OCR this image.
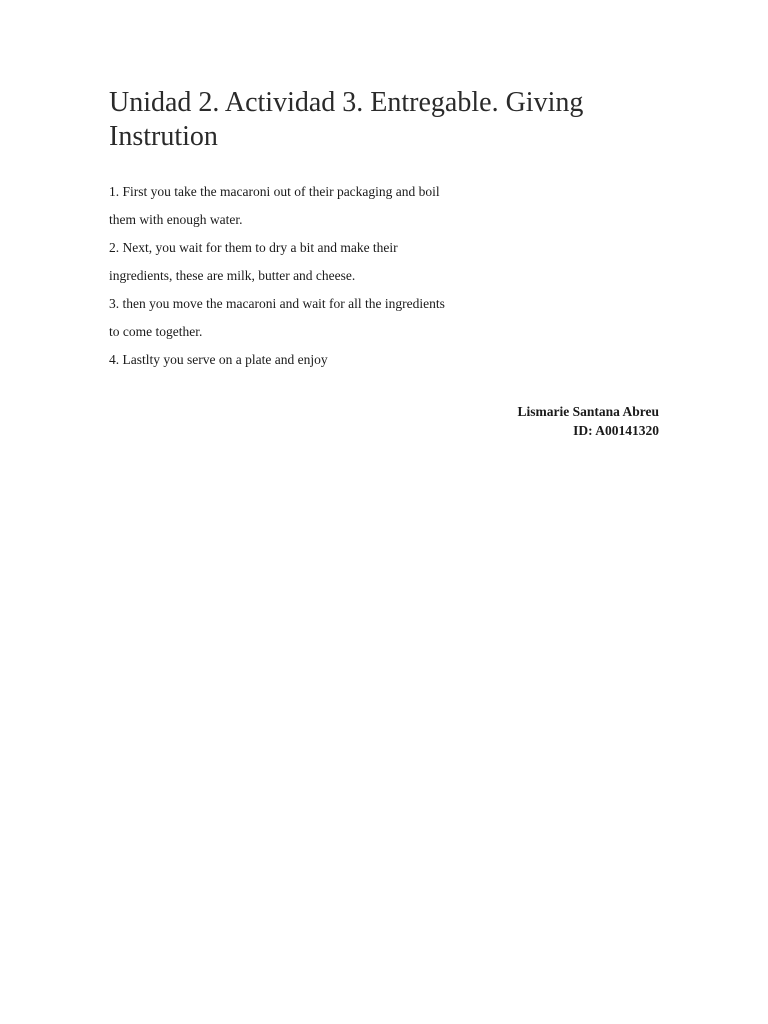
Unidad 2. Actividad 3. Entregable. Giving
Instrution
1. First you take the macaroni out of their packaging and boil
them with enough water.
2. Next, you wait for them to dry a bit and make their
ingredients, these are milk, butter and cheese.
3. then you move the macaroni and wait for all the ingredients
to come together.
4. Lastlty you serve on a plate and enjoy
Lismarie Santana Abreu
ID: A00141320
